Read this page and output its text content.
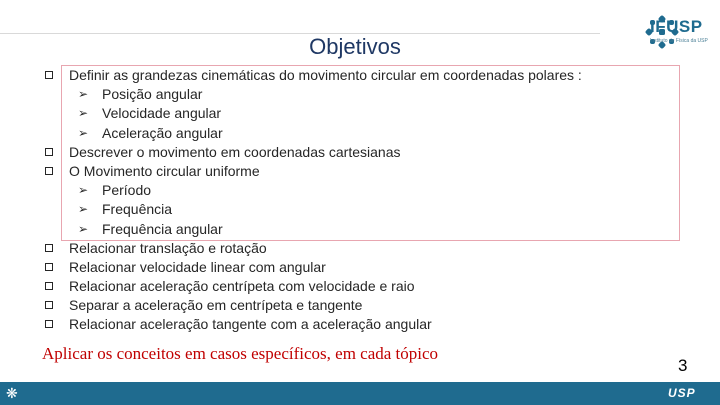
Objetivos
IFUSP
Instituto de Física da USP
Definir as grandezas cinemáticas do movimento circular em coordenadas polares :
➢ Posição angular
➢ Velocidade angular
➢ Aceleração angular
Descrever o movimento em coordenadas cartesianas
O Movimento circular uniforme
➢ Período
➢ Frequência
➢ Frequência angular
Relacionar translação e rotação
Relacionar velocidade linear com angular
Relacionar aceleração centrípeta com velocidade e raio
Separar a aceleração em centrípeta e tangente
Relacionar aceleração tangente com a aceleração angular
Aplicar os conceitos em casos específicos, em cada tópico
3
❋	USP
